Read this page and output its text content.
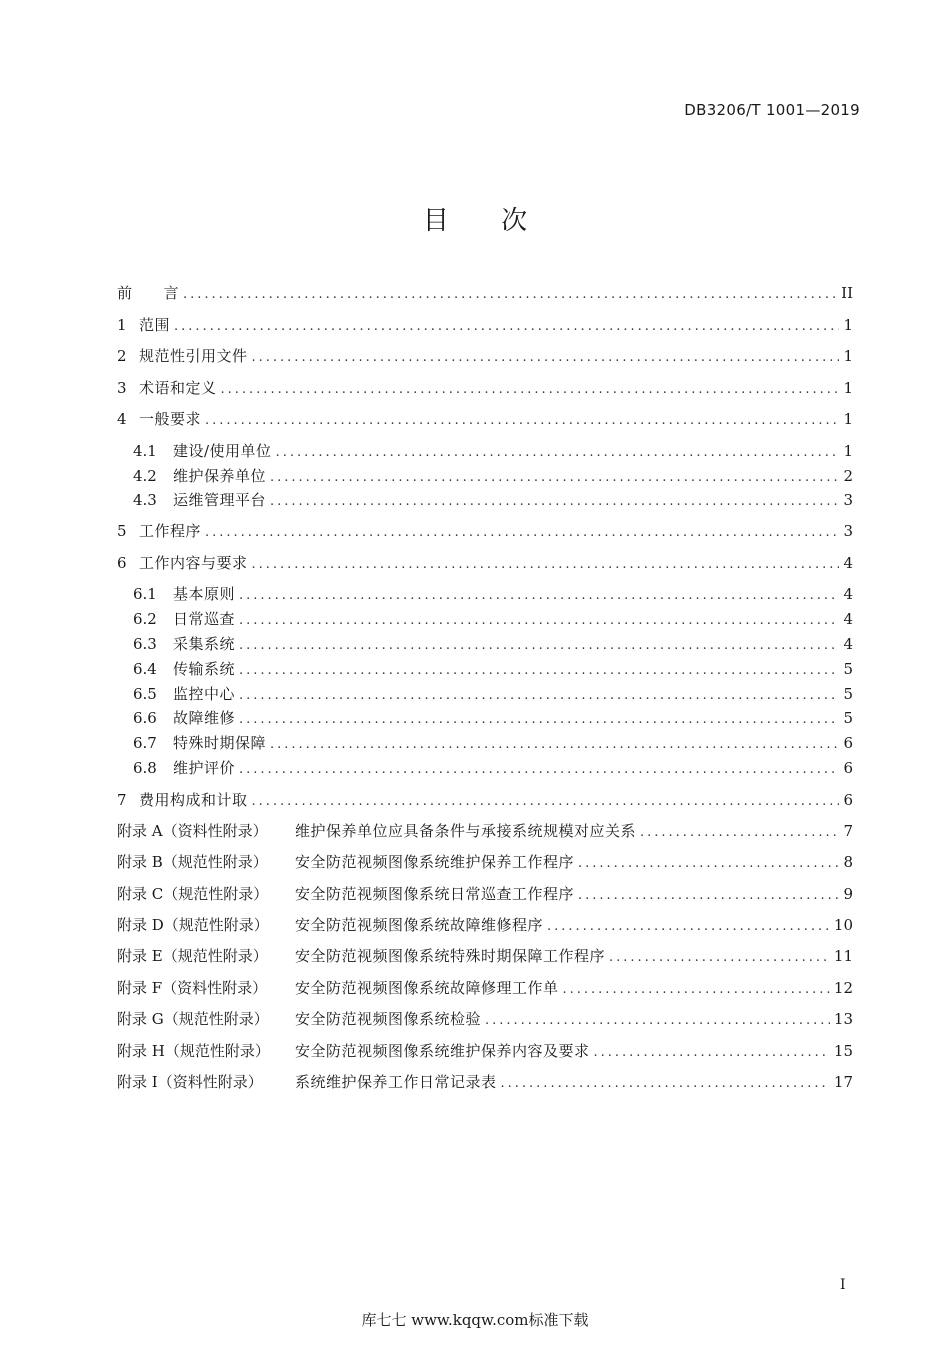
DB3206/T 1001—2019
目 次
前　　言 .....	II
1 范围 .....	1
2 规范性引用文件 .....	1
3 术语和定义 .....	1
4 一般要求 .....	1
4.1	建设/使用单位 .....	1
4.2	维护保养单位 .....	2
4.3	运维管理平台 .....	3
5 工作程序 .....	3
6 工作内容与要求 .....	4
6.1	基本原则 .....	4
6.2	日常巡查 .....	4
6.3	采集系统 .....	4
6.4	传输系统 .....	5
6.5	监控中心 .....	5
6.6	故障维修 .....	5
6.7	特殊时期保障 .....	6
6.8	维护评价 .....	6
7 费用构成和计取 .....	6
附录 A（资料性附录）	维护保养单位应具备条件与承接系统规模对应关系 .....	7
附录 B（规范性附录）	安全防范视频图像系统维护保养工作程序 .....	8
附录 C（规范性附录）	安全防范视频图像系统日常巡查工作程序 .....	9
附录 D（规范性附录）	安全防范视频图像系统故障维修程序 .....	10
附录 E（规范性附录）	安全防范视频图像系统特殊时期保障工作程序 .....	11
附录 F（资料性附录）	安全防范视频图像系统故障修理工作单 .....	12
附录 G（规范性附录）	安全防范视频图像系统检验 .....	13
附录 H（规范性附录）	安全防范视频图像系统维护保养内容及要求 .....	15
附录 I（资料性附录）	系统维护保养工作日常记录表 .....	17
I
库七七 www.kqqw.com标准下载
